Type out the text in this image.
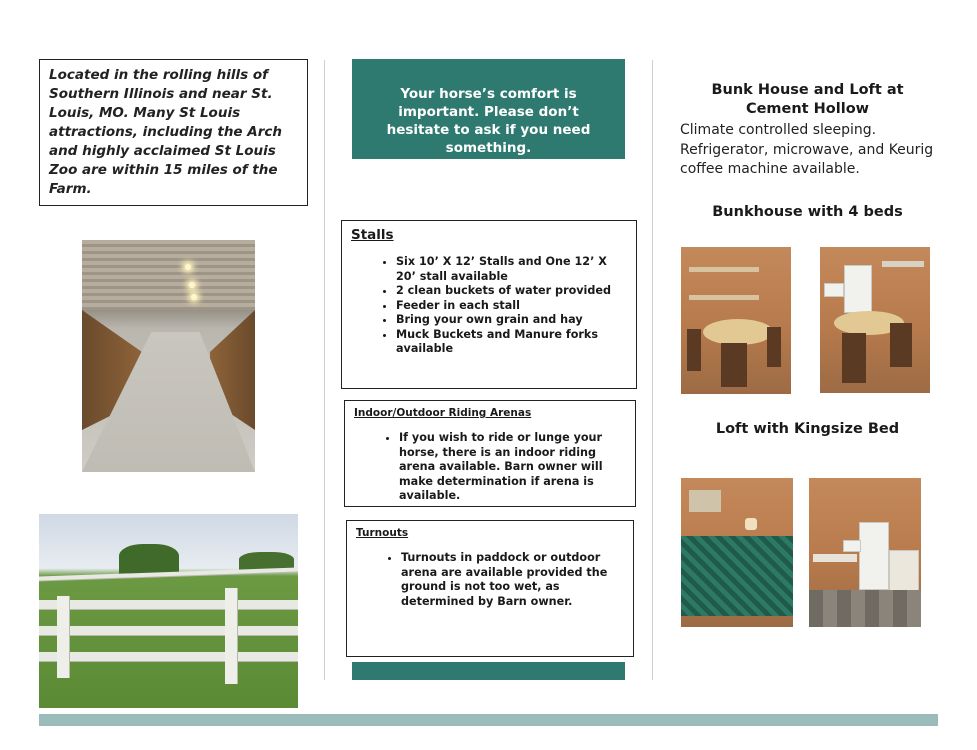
Located in the rolling hills of Southern Illinois and near St. Louis, MO. Many St Louis attractions, including the Arch and highly acclaimed St Louis Zoo are within 15 miles of the Farm.
Your horse’s comfort is important. Please don’t hesitate to ask if you need something.
Stalls
• Six 10’ X 12’ Stalls and One 12’ X 20’ stall available
• 2 clean buckets of water provided
• Feeder in each stall
• Bring your own grain and hay
• Muck Buckets and Manure forks available
Indoor/Outdoor Riding Arenas
• If you wish to ride or lunge your horse, there is an indoor riding arena available. Barn owner will make determination if arena is available.
Turnouts
• Turnouts in paddock or outdoor arena are available provided the ground is not too wet, as determined by Barn owner.
Bunk House and Loft at Cement Hollow
Climate controlled sleeping. Refrigerator, microwave, and Keurig coffee machine available.
Bunkhouse with 4 beds
Loft with Kingsize Bed
